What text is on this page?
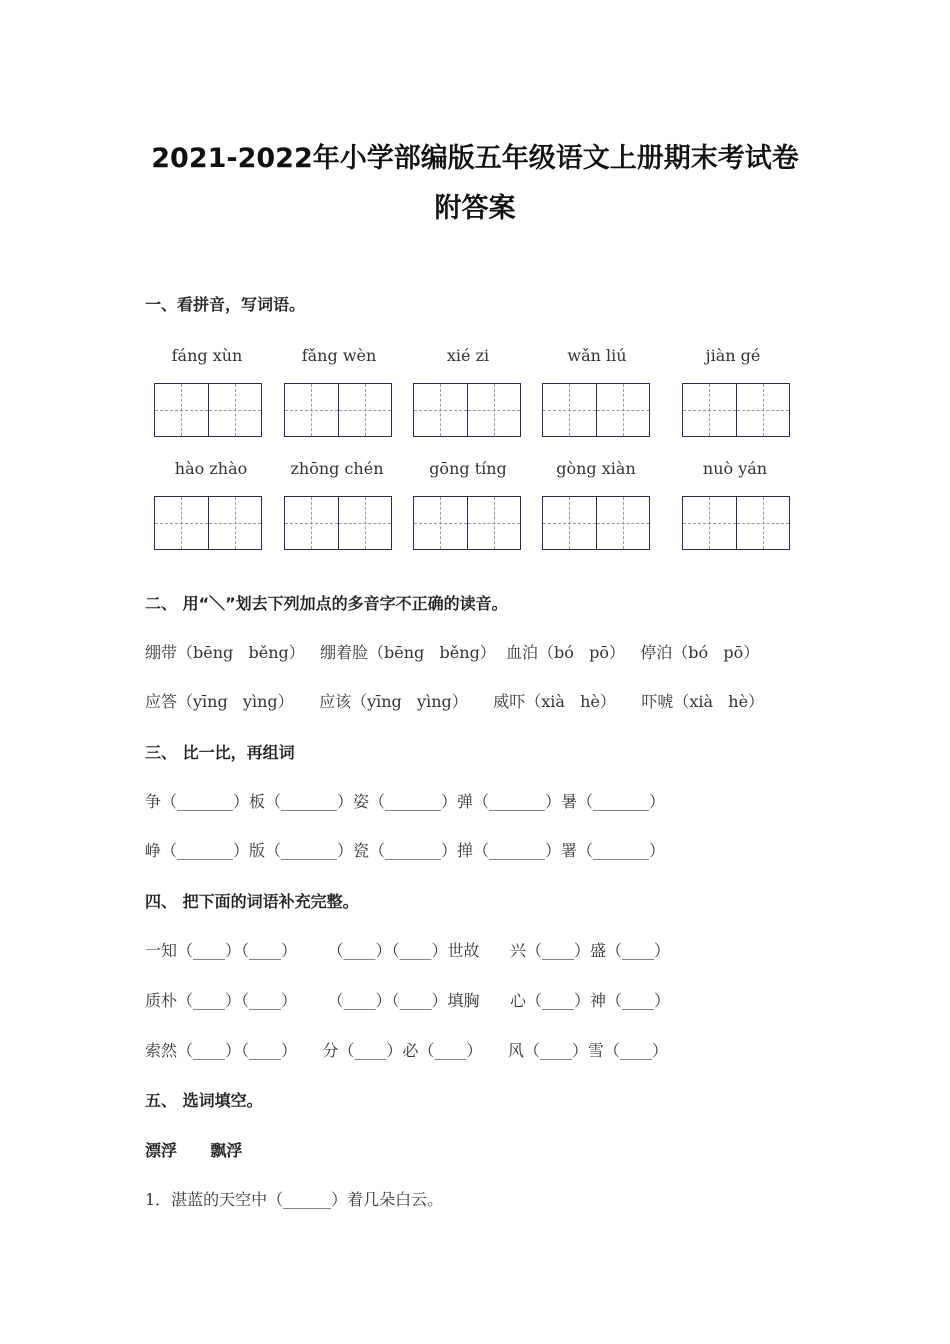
2021-2022年小学部编版五年级语文上册期末考试卷
附答案
一、看拼音，写词语。
fáng xùn	fǎng wèn	xié zi	wǎn liú	jiàn gé
hào zhào	zhōng chén	gōng tíng	gòng xiàn	nuò yán
二、 用“＼”划去下列加点的多音字不正确的读音。
绷带（bēng   běng）   绷着脸（bēng   běng）  血泊（bó   pō）   停泊（bó   pō）
应答（yīng   yìng）     应该（yīng   yìng）     威吓（xià   hè）     吓唬（xià   hè）
三、 比一比，再组词
争（_______）板（_______）姿（_______）弹（_______）暑（_______）
峥（_______）版（_______）瓷（_______）掸（_______）署（_______）
四、 把下面的词语补充完整。
一知（____）（____）      （____）（____）世故      兴（____）盛（____）
质朴（____）（____）      （____）（____）填胸      心（____）神（____）
索然（____）（____）     分（____）必（____）     风（____）雪（____）
五、 选词填空。
漂浮      飘浮
1．湛蓝的天空中（______）着几朵白云。
